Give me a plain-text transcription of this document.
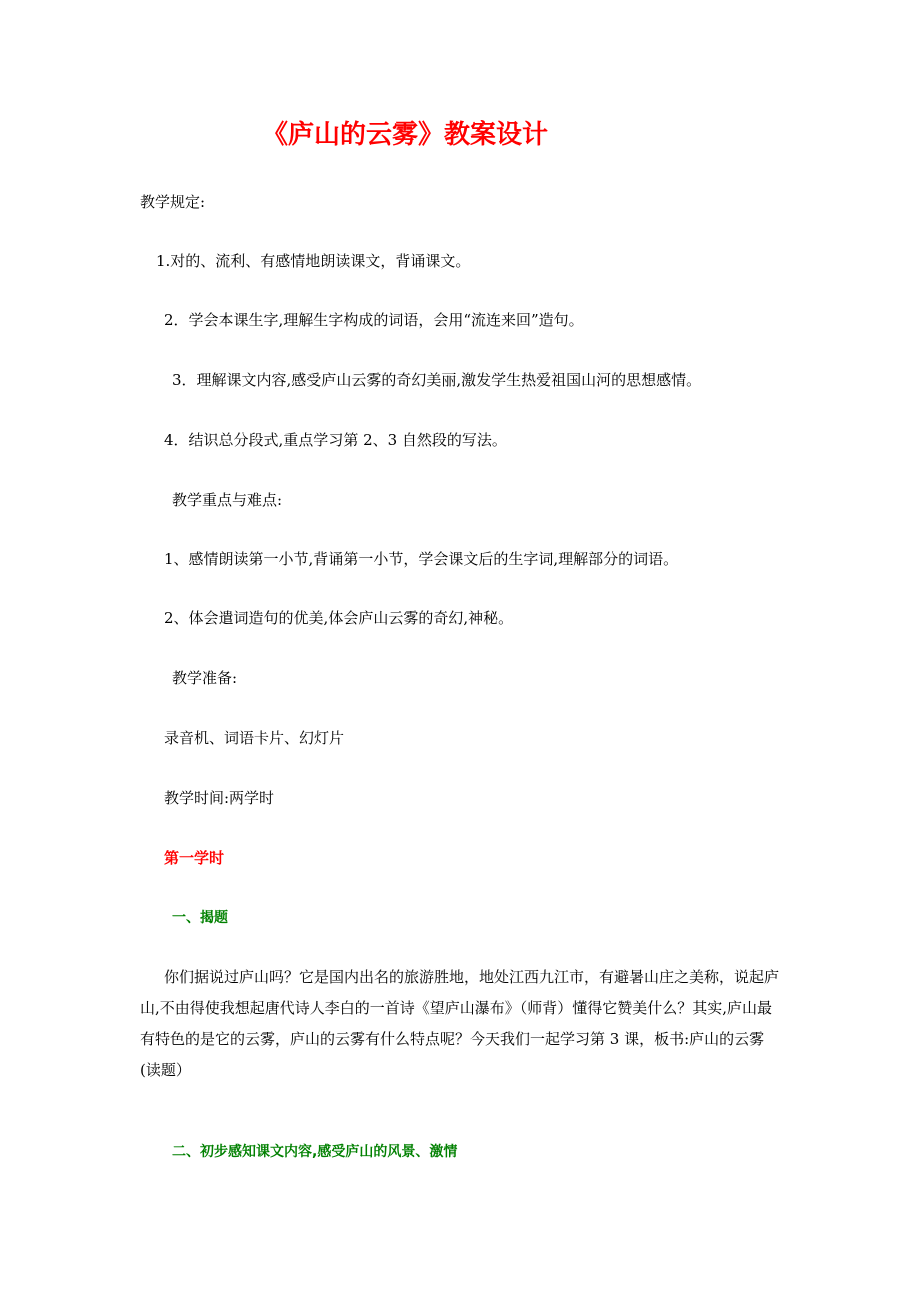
《庐山的云雾》教案设计
教学规定:
1.对的、流利、有感情地朗读课文，背诵课文。
2．学会本课生字,理解生字构成的词语，会用“流连来回”造句。
3．理解课文内容,感受庐山云雾的奇幻美丽,激发学生热爱祖国山河的思想感情。
4．结识总分段式,重点学习第 2、3 自然段的写法。
教学重点与难点:
1、感情朗读第一小节,背诵第一小节，学会课文后的生字词,理解部分的词语。
2、体会遣词造句的优美,体会庐山云雾的奇幻,神秘。
教学准备:
录音机、词语卡片、幻灯片
教学时间:两学时
第一学时
一、揭题
你们据说过庐山吗？它是国内出名的旅游胜地，地处江西九江市，有避暑山庄之美称，说起庐山,不由得使我想起唐代诗人李白的一首诗《望庐山瀑布》（师背）懂得它赞美什么？其实,庐山最有特色的是它的云雾，庐山的云雾有什么特点呢？今天我们一起学习第 3 课，板书:庐山的云雾(读题）
二、初步感知课文内容,感受庐山的风景、激情
